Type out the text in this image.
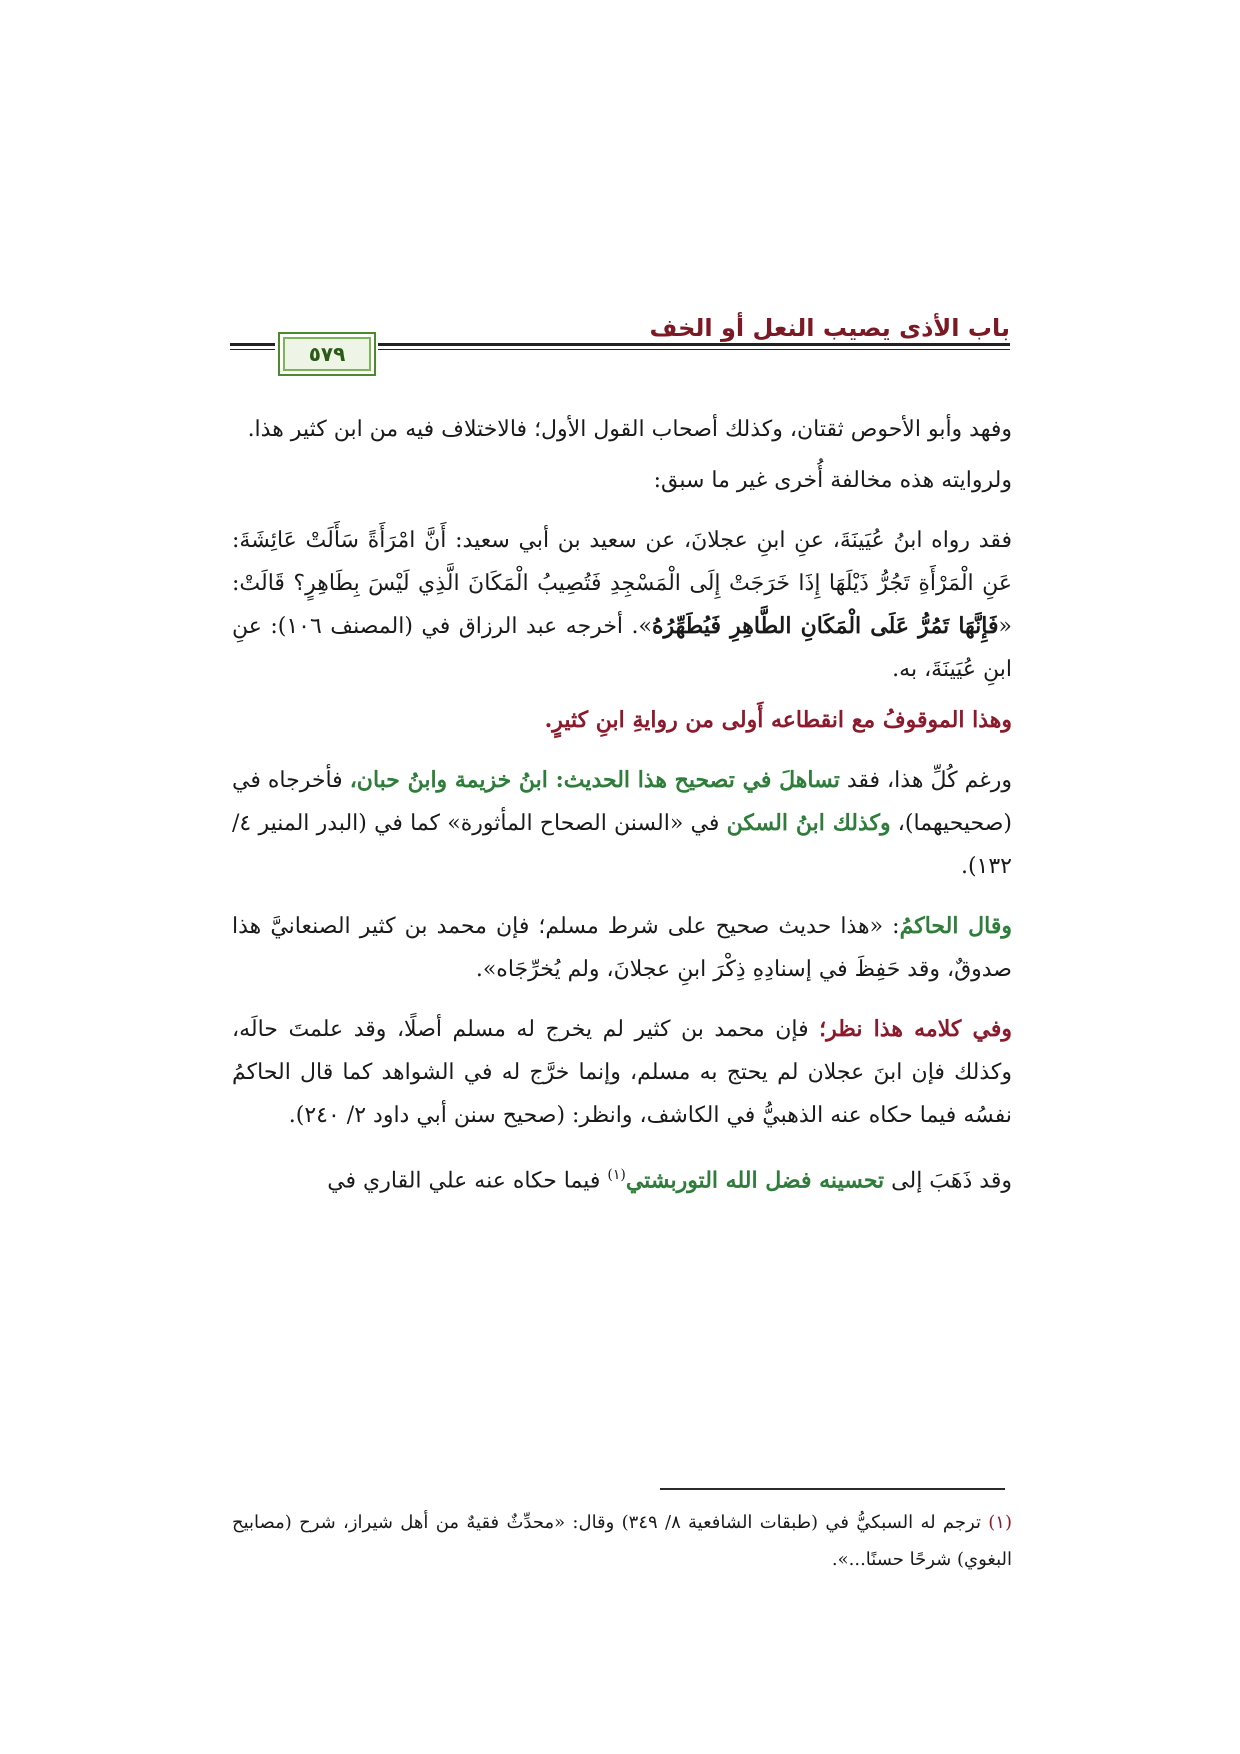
باب الأذى يصيب النعل أو الخف
٥٧٩

وفهد وأبو الأحوص ثقتان، وكذلك أصحاب القول الأول؛ فالاختلاف فيه من ابن كثير هذا.

ولروايته هذه مخالفة أُخرى غير ما سبق:

فقد رواه ابنُ عُيَينَةَ، عنِ ابنِ عجلانَ، عن سعيد بن أبي سعيد: أَنَّ امْرَأَةً سَأَلَتْ عَائِشَةَ: عَنِ الْمَرْأَةِ تَجُرُّ ذَيْلَهَا إِذَا خَرَجَتْ إِلَى الْمَسْجِدِ فَتُصِيبُ الْمَكَانَ الَّذِي لَيْسَ بِطَاهِرٍ؟ قَالَتْ: «فَإِنَّهَا تَمُرُّ عَلَى الْمَكَانِ الطَّاهِرِ فَيُطَهِّرُهُ». أخرجه عبد الرزاق في (المصنف ١٠٦): عنِ ابنِ عُيَينَةَ، به.

وهذا الموقوفُ مع انقطاعه أَولى من روايةِ ابنِ كثيرٍ.

ورغم كُلِّ هذا، فقد تساهلَ في تصحيح هذا الحديث: ابنُ خزيمة وابنُ حبان، فأخرجاه في (صحيحيهما)، وكذلك ابنُ السكن في «السنن الصحاح المأثورة» كما في (البدر المنير ٤/ ١٣٢).

وقال الحاكمُ: «هذا حديث صحيح على شرط مسلم؛ فإن محمد بن كثير الصنعانيَّ هذا صدوقٌ، وقد حَفِظَ في إسنادِهِ ذِكْرَ ابنِ عجلانَ، ولم يُخرِّجَاه».

وفي كلامه هذا نظر؛ فإن محمد بن كثير لم يخرج له مسلم أصلًا، وقد علمتَ حالَه، وكذلك فإن ابنَ عجلان لم يحتج به مسلم، وإنما خرَّج له في الشواهد كما قال الحاكمُ نفسُه فيما حكاه عنه الذهبيُّ في الكاشف، وانظر: (صحيح سنن أبي داود ٢/ ٢٤٠).

وقد ذَهَبَ إلى تحسينه فضل الله التوربشتي$^{(١)}$ فيما حكاه عنه علي القاري في

(١) ترجم له السبكيُّ في (طبقات الشافعية ٨/ ٣٤٩) وقال: «محدِّثٌ فقيهٌ من أهل شيراز، شرح (مصابيح البغوي) شرحًا حسنًا...».
